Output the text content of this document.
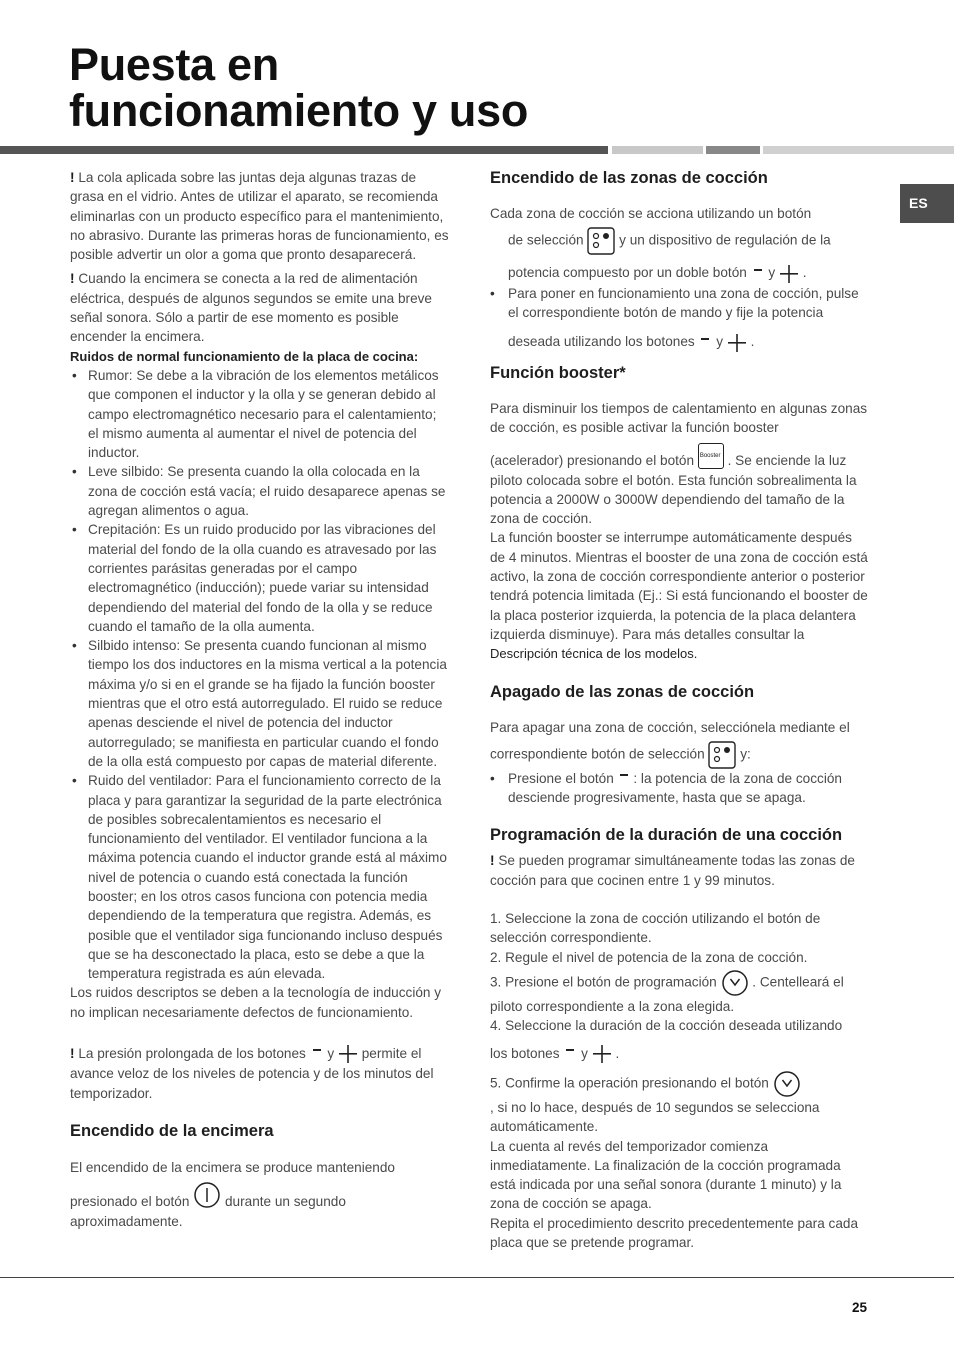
Puesta en
funcionamiento y uso
ES

! La cola aplicada sobre las juntas deja algunas trazas de grasa en el vidrio. Antes de utilizar el aparato, se recomienda eliminarlas con un producto específico para el mantenimiento, no abrasivo. Durante las primeras horas de funcionamiento, es posible advertir un olor a goma que pronto desaparecerá.

! Cuando la encimera se conecta a la red de alimentación eléctrica, después de algunos segundos se emite una breve señal sonora. Sólo a partir de ese momento es posible encender la encimera.

Ruidos de normal funcionamiento de la placa de cocina:

• Rumor: Se debe a la vibración de los elementos metálicos que componen el inductor y la olla y se generan debido al campo electromagnético necesario para el calentamiento; el mismo aumenta al aumentar el nivel de potencia del inductor.
• Leve silbido: Se presenta cuando la olla colocada en la zona de cocción está vacía; el ruido desaparece apenas se agregan alimentos o agua.
• Crepitación: Es un ruido producido por las vibraciones del material del fondo de la olla cuando es atravesado por las corrientes parásitas generadas por el campo electromagnético (inducción); puede variar su intensidad dependiendo del material del fondo de la olla y se reduce cuando el tamaño de la olla aumenta.
• Silbido intenso: Se presenta cuando funcionan al mismo tiempo los dos inductores en la misma vertical a la potencia máxima y/o si en el grande se ha fijado la función booster mientras que el otro está autorregulado. El ruido se reduce apenas desciende el nivel de potencia del inductor autorregulado; se manifiesta en particular cuando el fondo de la olla está compuesto por capas de material diferente.
• Ruido del ventilador: Para el funcionamiento correcto de la placa y para garantizar la seguridad de la parte electrónica de posibles sobrecalentamientos es necesario el funcionamiento del ventilador. El ventilador funciona a la máxima potencia cuando el inductor grande está al máximo nivel de potencia o cuando está conectada la función booster; en los otros casos funciona con potencia media dependiendo de la temperatura que registra. Además, es posible que el ventilador siga funcionando incluso después que se ha desconectado la placa, esto se debe a que la temperatura registrada es aún elevada.

Los ruidos descriptos se deben a la tecnología de inducción y no implican necesariamente defectos de funcionamiento.

! La presión prolongada de los botones y permite el avance veloz de los niveles de potencia y de los minutos del temporizador.

Encendido de la encimera

El encendido de la encimera se produce manteniendo

presionado el botón	durante un segundo aproximadamente.

Encendido de las zonas de cocción

Cada zona de cocción se acciona utilizando un botón

de selección	y un dispositivo de regulación de la

potencia compuesto por un doble botón y .

• Para poner en funcionamiento una zona de cocción, pulse el correspondiente botón de mando y fije la potencia
deseada utilizando los botones y .
Función booster*

Para disminuir los tiempos de calentamiento en algunas zonas de cocción, es posible activar la función booster

(acelerador) presionando el botón Booster . Se enciende la luz piloto colocada sobre el botón. Esta función sobrealimenta la potencia a 2000W o 3000W dependiendo del tamaño de la zona de cocción.

La función booster se interrumpe automáticamente después de 4 minutos. Mientras el booster de una zona de cocción está activo, la zona de cocción correspondiente anterior o posterior tendrá potencia limitada (Ej.: Si está funcionando el booster de la placa posterior izquierda, la potencia de la placa delantera izquierda disminuye). Para más detalles consultar la Descripción técnica de los modelos.

Apagado de las zonas de cocción

Para apagar una zona de cocción, selecciónela mediante el

correspondiente botón de selección	y:

• Presione el botón : la potencia de la zona de cocción desciende progresivamente, hasta que se apaga.
Programación de la duración de una cocción

! Se pueden programar simultáneamente todas las zonas de cocción para que cocinen entre 1 y 99 minutos.

1. Seleccione la zona de cocción utilizando el botón de selección correspondiente.

2. Regule el nivel de potencia de la zona de cocción.

3. Presione el botón de programación	. Centelleará el piloto correspondiente a la zona elegida.

4. Seleccione la duración de la cocción deseada utilizando

los botones y .

5. Confirme la operación presionando el botón
, si no lo hace, después de 10 segundos se selecciona automáticamente.

La cuenta al revés del temporizador comienza inmediatamente. La finalización de la cocción programada está indicada por una señal sonora (durante 1 minuto) y la zona de cocción se apaga.

Repita el procedimiento descrito precedentemente para cada placa que se pretende programar.

25
